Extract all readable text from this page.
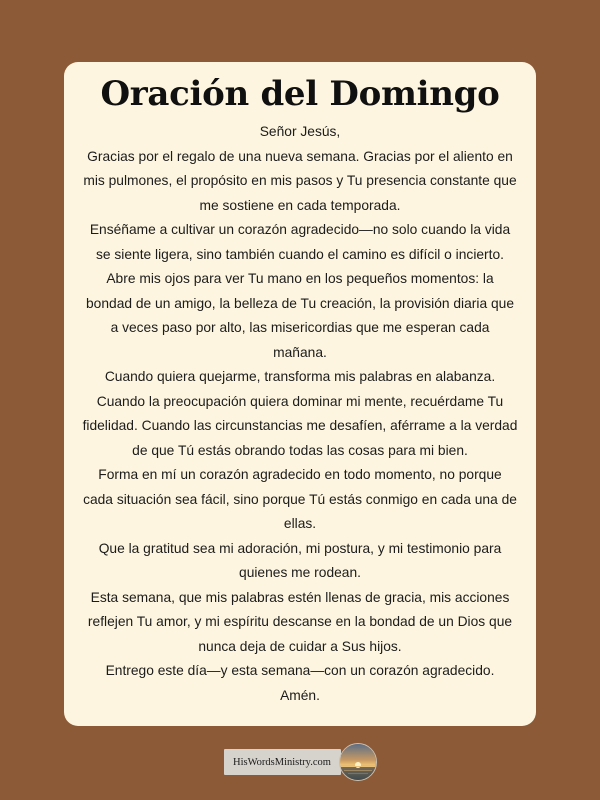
Oración del Domingo

Señor Jesús,

Gracias por el regalo de una nueva semana. Gracias por el aliento en mis pulmones, el propósito en mis pasos y Tu presencia constante que me sostiene en cada temporada.

Enséñame a cultivar un corazón agradecido—no solo cuando la vida se siente ligera, sino también cuando el camino es difícil o incierto. Abre mis ojos para ver Tu mano en los pequeños momentos: la bondad de un amigo, la belleza de Tu creación, la provisión diaria que a veces paso por alto, las misericordias que me esperan cada mañana.

Cuando quiera quejarme, transforma mis palabras en alabanza. Cuando la preocupación quiera dominar mi mente, recuérdame Tu fidelidad. Cuando las circunstancias me desafíen, aférrame a la verdad de que Tú estás obrando todas las cosas para mi bien.

Forma en mí un corazón agradecido en todo momento, no porque cada situación sea fácil, sino porque Tú estás conmigo en cada una de ellas.

Que la gratitud sea mi adoración, mi postura, y mi testimonio para quienes me rodean.

Esta semana, que mis palabras estén llenas de gracia, mis acciones reflejen Tu amor, y mi espíritu descanse en la bondad de un Dios que nunca deja de cuidar a Sus hijos.

Entrego este día—y esta semana—con un corazón agradecido.

Amén.

HisWordsMinistry.com
